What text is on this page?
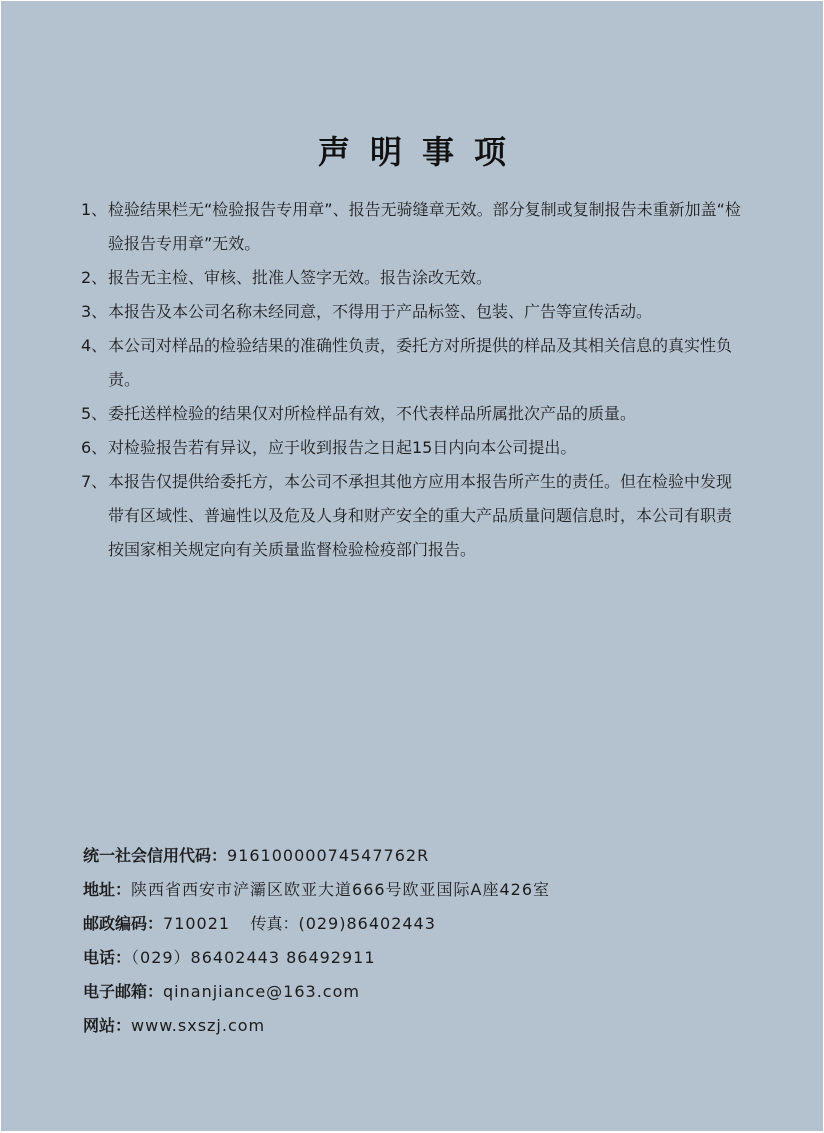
声明事项
1、 检验结果栏无“检验报告专用章”、报告无骑缝章无效。部分复制或复制报告未重新加盖“检验报告专用章”无效。
2、 报告无主检、审核、批准人签字无效。报告涂改无效。
3、 本报告及本公司名称未经同意，不得用于产品标签、包装、广告等宣传活动。
4、 本公司对样品的检验结果的准确性负责，委托方对所提供的样品及其相关信息的真实性负责。
5、 委托送样检验的结果仅对所检样品有效，不代表样品所属批次产品的质量。
6、 对检验报告若有异议，应于收到报告之日起15日内向本公司提出。
7、 本报告仅提供给委托方，本公司不承担其他方应用本报告所产生的责任。但在检验中发现带有区域性、普遍性以及危及人身和财产安全的重大产品质量问题信息时，本公司有职责按国家相关规定向有关质量监督检验检疫部门报告。
统一社会信用代码：91610000074547762R
地址：陕西省西安市浐灞区欧亚大道666号欧亚国际A座426室
邮政编码：710021 传真：(029)86402443
电话：（029）86402443 86492911
电子邮箱：qinanjiance@163.com
网站：www.sxszj.com
